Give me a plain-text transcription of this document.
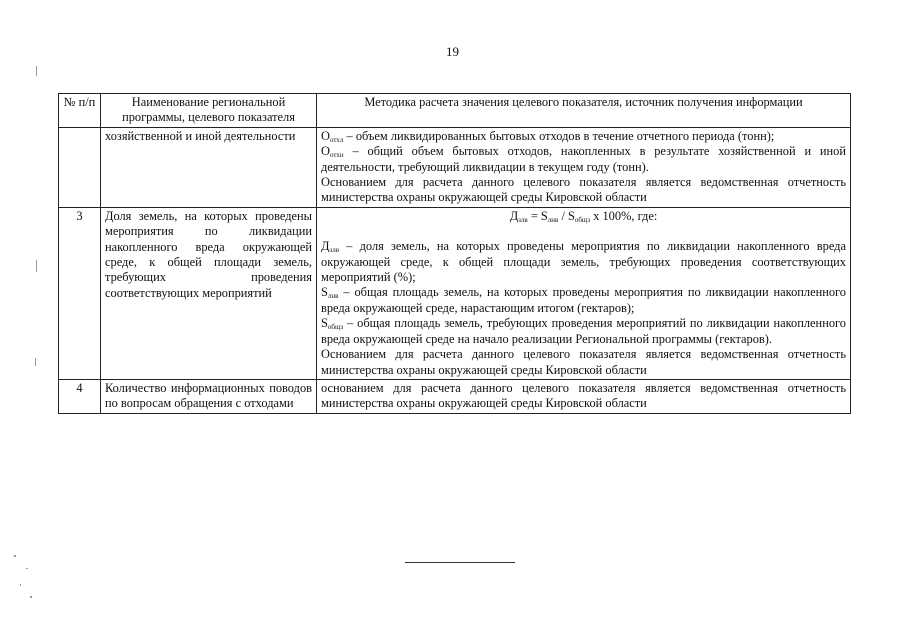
19
№ п/п	Наименование региональной программы, целевого показателя	Методика расчета значения целевого показателя, источник получения информации
	хозяйственной и иной деятельности	$О_{отхл}$ – объем ликвидированных бытовых отходов в течение отчетного периода (тонн);

$О_{отхн}$ – общий объем бытовых отходов, накопленных в результате хозяйственной и иной деятельности, требующий ликвидации в текущем году (тонн).

Основанием для расчета данного целевого показателя является ведомственная отчетность министерства охраны окружающей среды Кировской области

3	Доля земель, на которых проведены мероприятия по ликвидации накопленного вреда окружающей среде, к общей площади земель, требующих проведения соответствующих мероприятий	$Д_{злв} = S_{лнв} / S_{общз}$ x 100%, где:

$Д_{злв}$ – доля земель, на которых проведены мероприятия по ликвидации накопленного вреда окружающей среде, к общей площади земель, требующих проведения соответствующих мероприятий (%);

$S_{лнв}$ – общая площадь земель, на которых проведены мероприятия по ликвидации накопленного вреда окружающей среде, нарастающим итогом (гектаров);

$S_{общз}$ – общая площадь земель, требующих проведения мероприятий по ликвидации накопленного вреда окружающей среде на начало реализации Региональной программы (гектаров).

Основанием для расчета данного целевого показателя является ведомственная отчетность министерства охраны окружающей среды Кировской области

4	Количество информационных поводов по вопросам обращения с отходами	основанием для расчета данного целевого показателя является ведомственная отчетность министерства охраны окружающей среды Кировской области
